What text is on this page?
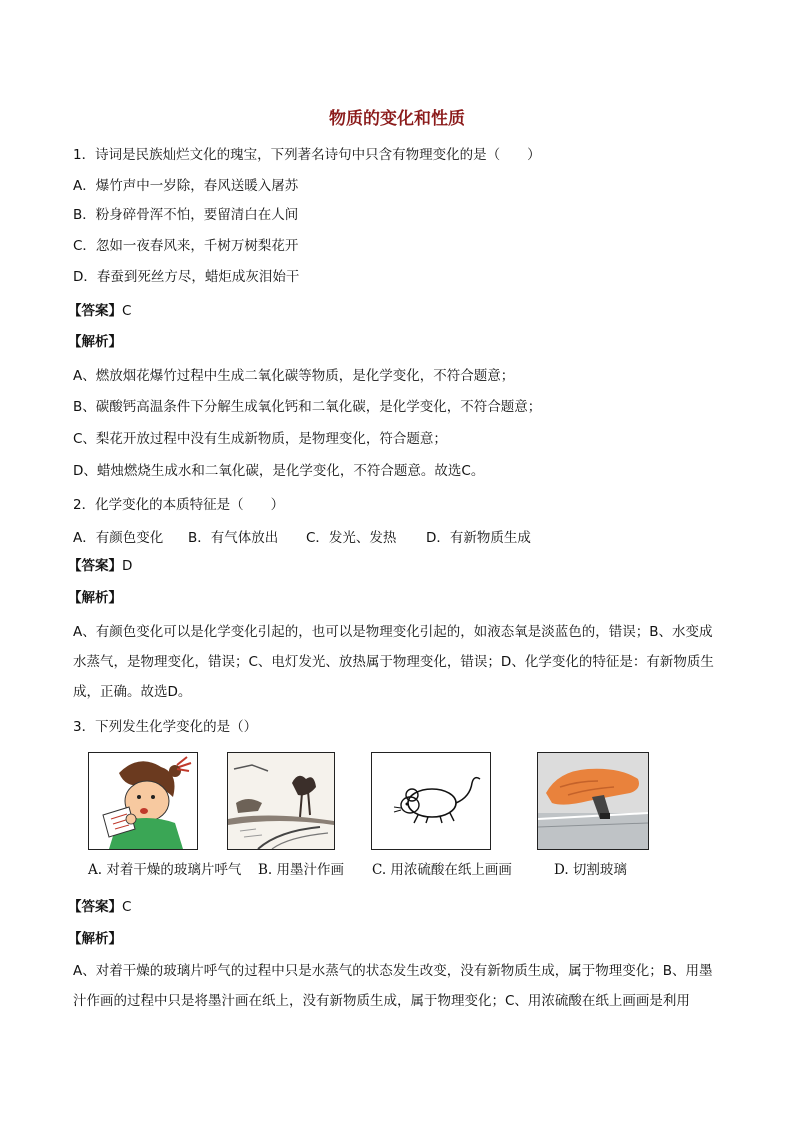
物质的变化和性质
1．诗词是民族灿烂文化的瑰宝，下列著名诗句中只含有物理变化的是（　　）
A．爆竹声中一岁除，春风送暖入屠苏
B．粉身碎骨浑不怕，要留清白在人间
C．忽如一夜春风来，千树万树梨花开
D．春蚕到死丝方尽，蜡炬成灰泪始干
【答案】C
【解析】
A、燃放烟花爆竹过程中生成二氧化碳等物质，是化学变化，不符合题意；
B、碳酸钙高温条件下分解生成氧化钙和二氧化碳，是化学变化，不符合题意；
C、梨花开放过程中没有生成新物质，是物理变化，符合题意；
D、蜡烛燃烧生成水和二氧化碳，是化学变化，不符合题意。故选C。
2．化学变化的本质特征是（　　）
A．有颜色变化 B．有气体放出 C．发光、发热 D．有新物质生成
【答案】D
【解析】
A、有颜色变化可以是化学变化引起的，也可以是物理变化引起的，如液态氧是淡蓝色的，错误；B、水变成水蒸气，是物理变化，错误；C、电灯发光、放热属于物理变化，错误；D、化学变化的特征是：有新物质生成，正确。故选D。
3．下列发生化学变化的是（）
A. 对着干燥的玻璃片呼气 B. 用墨汁作画 C. 用浓硫酸在纸上画画	D. 切割玻璃
【答案】C
【解析】
A、对着干燥的玻璃片呼气的过程中只是水蒸气的状态发生改变，没有新物质生成，属于物理变化；B、用墨汁作画的过程中只是将墨汁画在纸上，没有新物质生成，属于物理变化；C、用浓硫酸在纸上画画是利用
